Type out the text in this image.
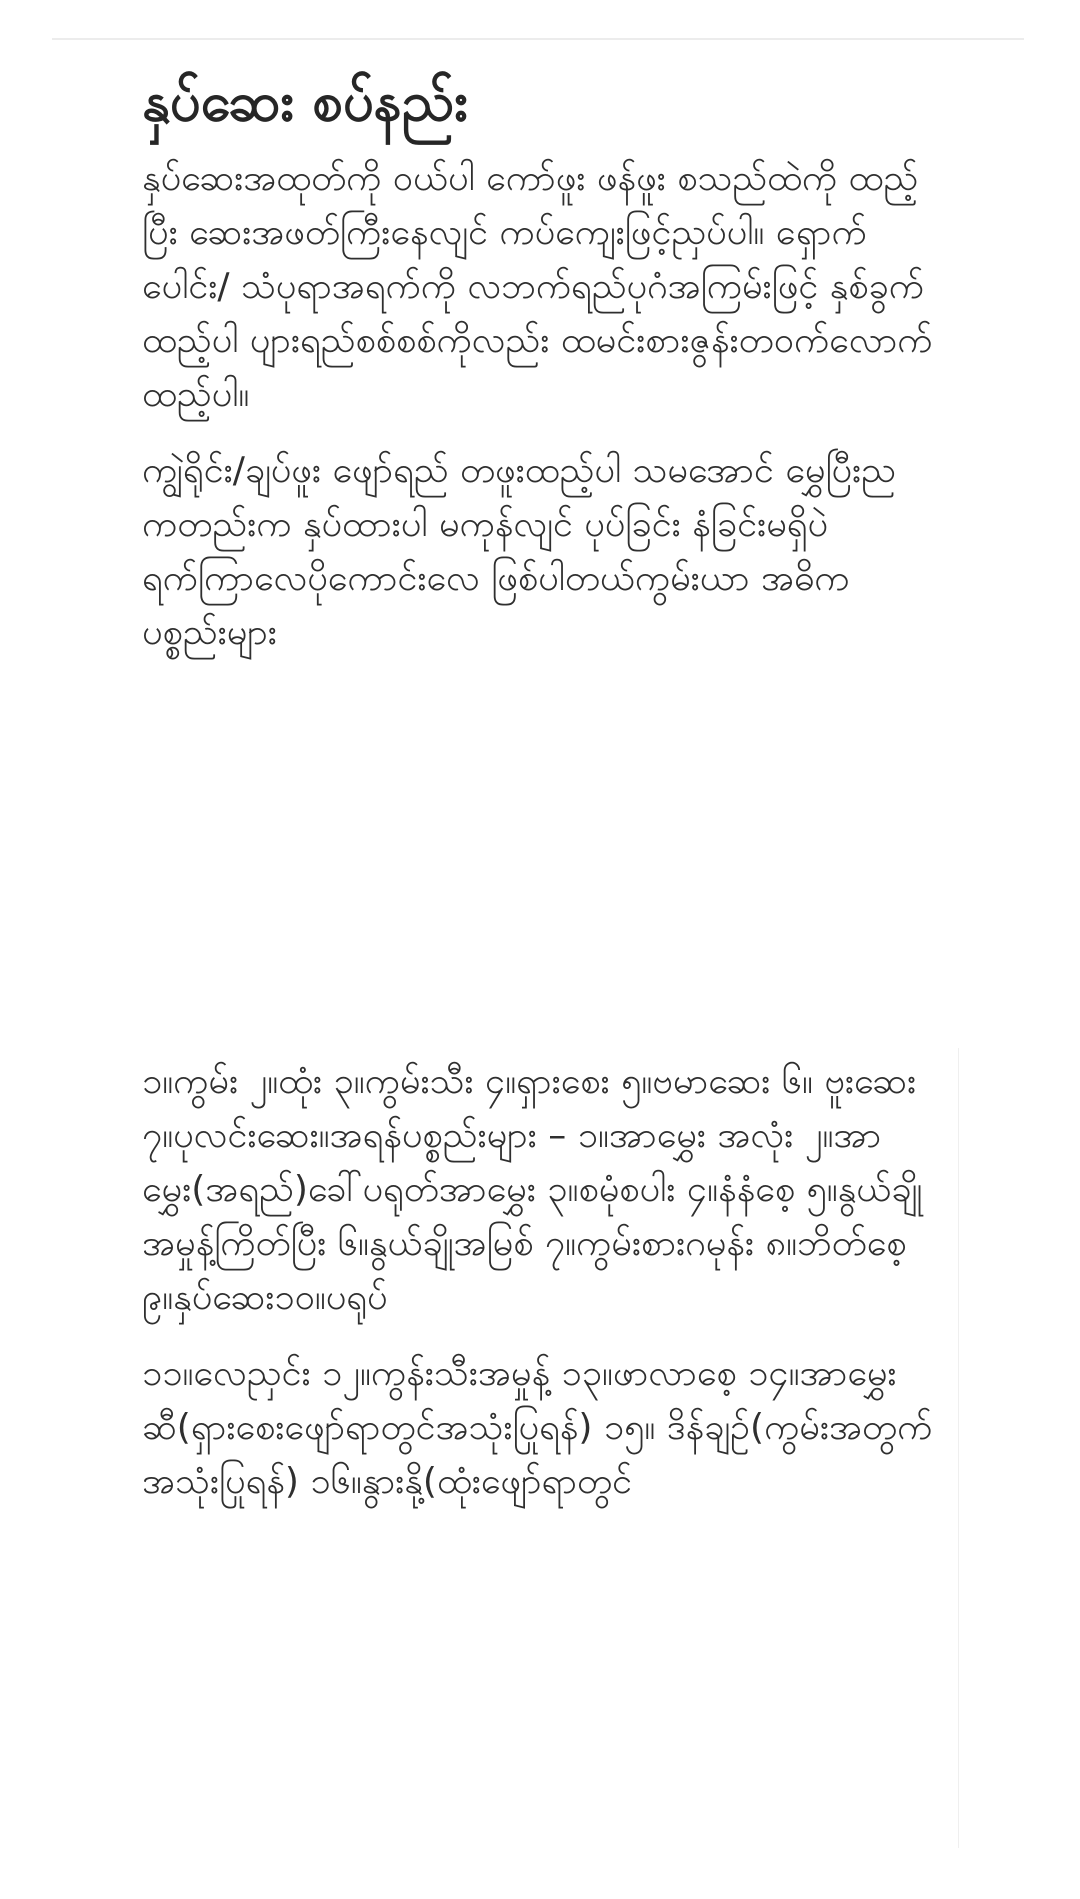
နှပ်ဆေး စပ်နည်း

နှပ်ဆေးအထုတ်ကို ဝယ်ပါ ကော်ဖူး ဖန်ဖူး စသည်ထဲကို ထည့်ပြီး ဆေးအဖတ်ကြီးနေလျင် ကပ်ကျေးဖြင့်ညှပ်ပါ။ ရှောက်ပေါင်း/ သံပုရာအရက်ကို လဘက်ရည်ပုဂံအကြမ်းဖြင့် နှစ်ခွက်ထည့်ပါ ပျားရည်စစ်စစ်ကိုလည်း ထမင်းစားဇွန်းတဝက်လောက်ထည့်ပါ။

ကျွဲရိုင်း/ချပ်ဖူး ဖျော်ရည် တဖူးထည့်ပါ သမအောင် မွှေပြီးညကတည်းက နှပ်ထားပါ မကုန်လျင် ပုပ်ခြင်း နံခြင်းမရှိပဲ ရက်ကြာလေပိုကောင်းလေ ဖြစ်ပါတယ်ကွမ်းယာ အဓိက ပစ္စည်းများ

၁။ကွမ်း ၂။ထုံး ၃။ကွမ်းသီး ၄။ရှားစေး ၅။ဗမာဆေး ၆။ ဗူးဆေး ၇။ပုလင်းဆေး။အရန်ပစ္စည်းများ – ၁။အာမွှေး အလုံး ၂။အာမွှေး(အရည်)ခေါ်ပရုတ်အာမွှေး ၃။စမုံစပါး ၄။နံနံစေ့ ၅။နွယ်ချို အမှုန့်ကြိတ်ပြီး ၆။နွယ်ချိုအမြစ် ၇။ကွမ်းစားဂမုန်း ၈။ဘိတ်စေ့ ၉။နှပ်ဆေး၁၀။ပရုပ်

၁၁။လေညှင်း ၁၂။ကွန်းသီးအမှုန့် ၁၃။ဖာလာစေ့ ၁၄။အာမွှေးဆီ(ရှားစေးဖျော်ရာတွင်အသုံးပြုရန်) ၁၅။ ဒိန်ချဥ်(ကွမ်းအတွက်အသုံးပြုရန်) ၁၆။နွားနို့(ထုံးဖျော်ရာတွင်
